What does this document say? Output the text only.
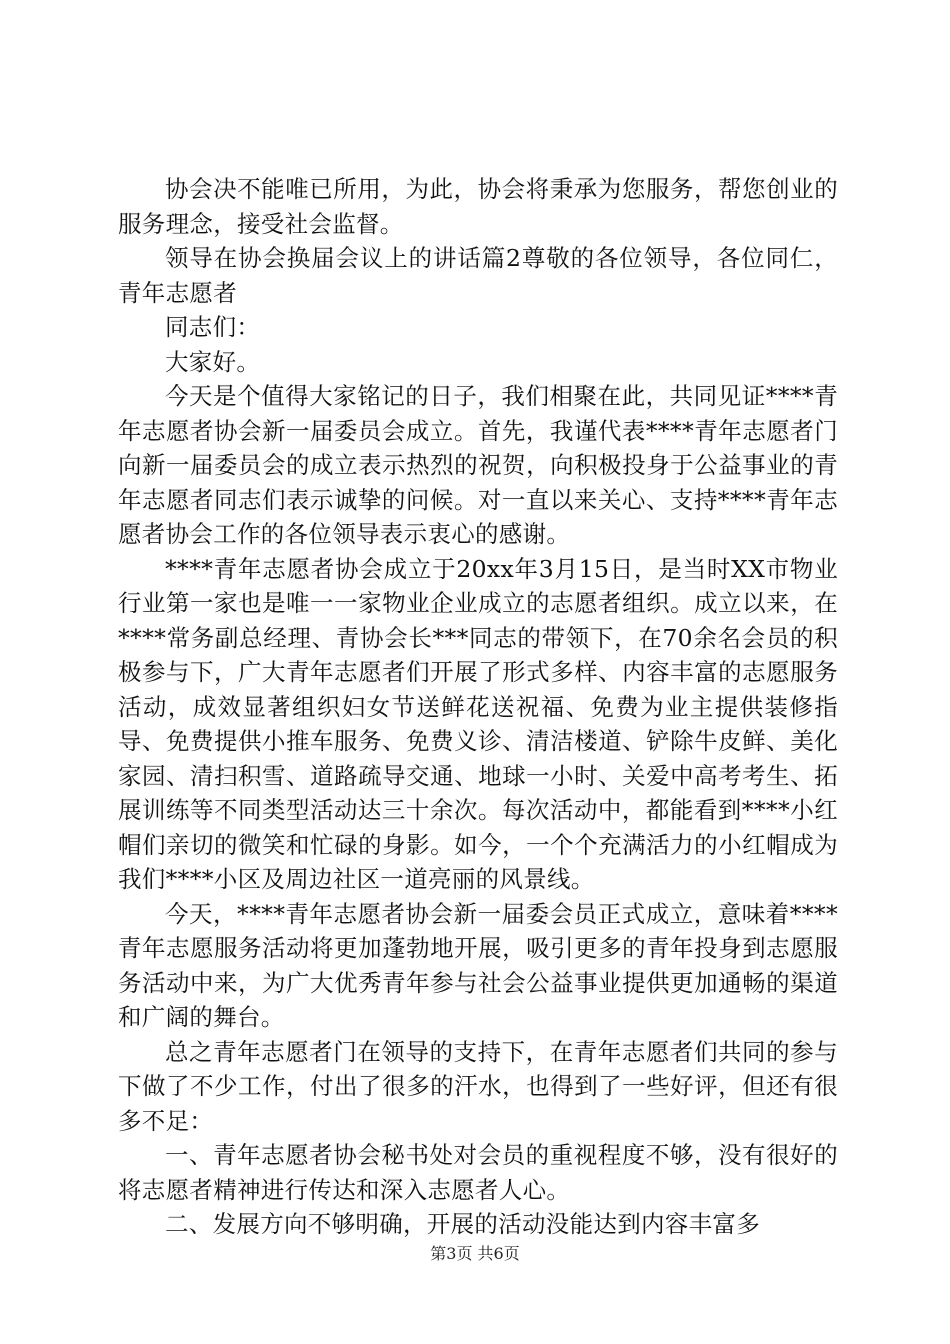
协会决不能唯已所用，为此，协会将秉承为您服务，帮您创业的服务理念，接受社会监督。

领导在协会换届会议上的讲话篇2尊敬的各位领导，各位同仁，青年志愿者

同志们：

大家好。

今天是个值得大家铭记的日子，我们相聚在此，共同见证****青年志愿者协会新一届委员会成立。首先，我谨代表****青年志愿者门向新一届委员会的成立表示热烈的祝贺，向积极投身于公益事业的青年志愿者同志们表示诚挚的问候。对一直以来关心、支持****青年志愿者协会工作的各位领导表示衷心的感谢。

****青年志愿者协会成立于20xx年3月15日，是当时XX市物业行业第一家也是唯一一家物业企业成立的志愿者组织。成立以来，在****常务副总经理、青协会长***同志的带领下，在70余名会员的积极参与下，广大青年志愿者们开展了形式多样、内容丰富的志愿服务活动，成效显著组织妇女节送鲜花送祝福、免费为业主提供装修指导、免费提供小推车服务、免费义诊、清洁楼道、铲除牛皮鲜、美化家园、清扫积雪、道路疏导交通、地球一小时、关爱中高考考生、拓展训练等不同类型活动达三十余次。每次活动中，都能看到****小红帽们亲切的微笑和忙碌的身影。如今，一个个充满活力的小红帽成为我们****小区及周边社区一道亮丽的风景线。

今天，****青年志愿者协会新一届委会员正式成立，意味着****青年志愿服务活动将更加蓬勃地开展，吸引更多的青年投身到志愿服务活动中来，为广大优秀青年参与社会公益事业提供更加通畅的渠道和广阔的舞台。

总之青年志愿者门在领导的支持下，在青年志愿者们共同的参与下做了不少工作，付出了很多的汗水，也得到了一些好评，但还有很多不足：

一、青年志愿者协会秘书处对会员的重视程度不够，没有很好的将志愿者精神进行传达和深入志愿者人心。

二、发展方向不够明确，开展的活动没能达到内容丰富多

第3页 共6页
